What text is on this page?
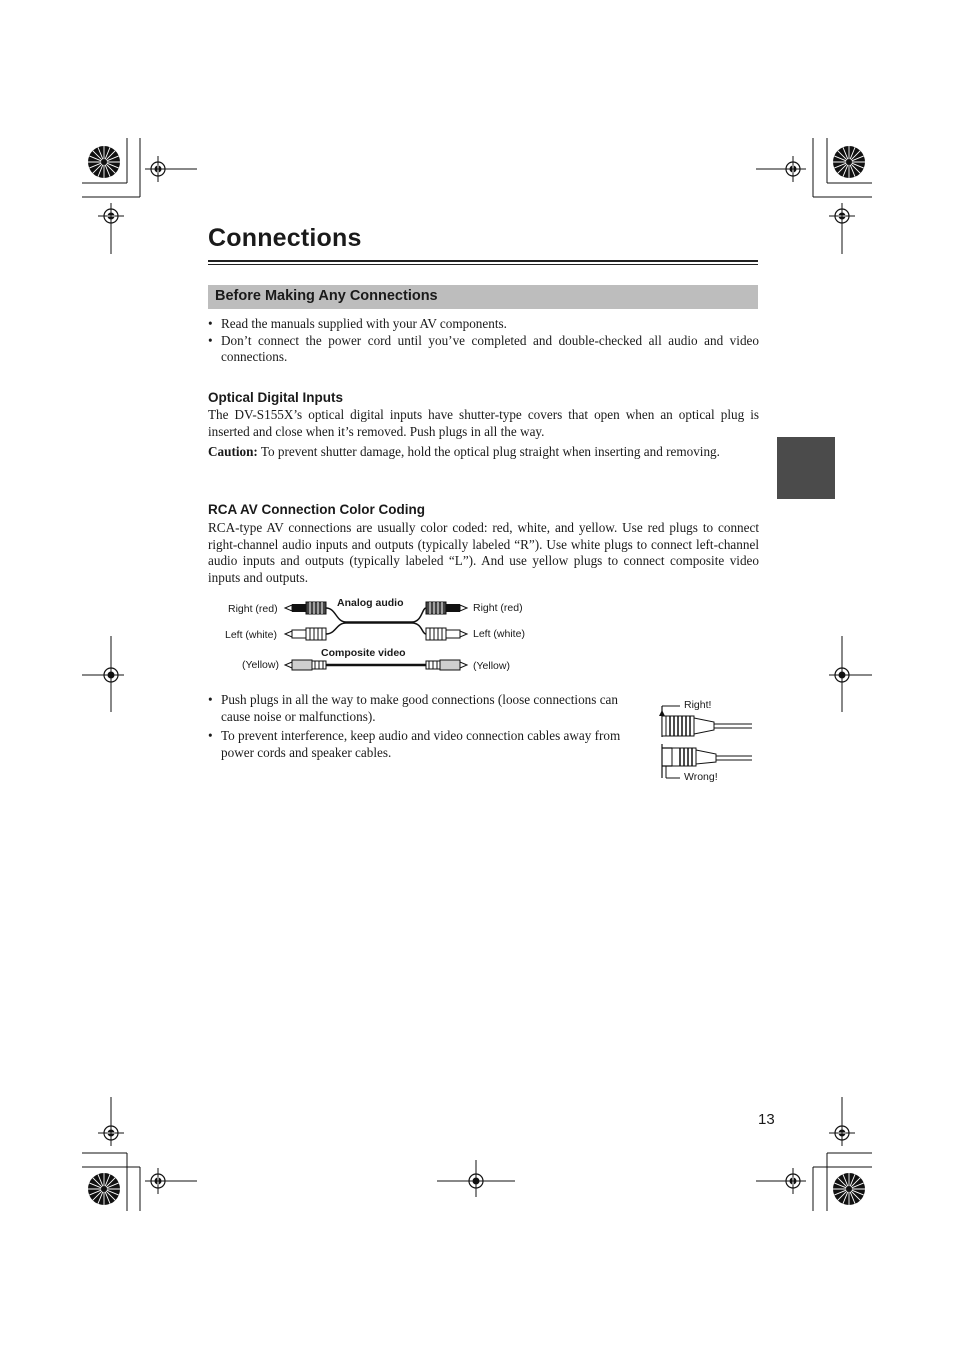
Connections
Before Making Any Connections
• Read the manuals supplied with your AV components.
• Don’t connect the power cord until you’ve completed and double-checked all audio and video connections.
Optical Digital Inputs
The DV-S155X’s optical digital inputs have shutter-type covers that open when an optical plug is inserted and close when it’s removed. Push plugs in all the way.
Caution: To prevent shutter damage, hold the optical plug straight when inserting and removing.
RCA AV Connection Color Coding
RCA-type AV connections are usually color coded: red, white, and yellow. Use red plugs to connect right-channel audio inputs and outputs (typically labeled “R”). Use white plugs to connect left-channel audio inputs and outputs (typically labeled “L”). And use yellow plugs to connect composite video inputs and outputs.
Analog audio
Composite video
Right (red)
Left (white)
(Yellow)
Right (red)
Left (white)
(Yellow)
• Push plugs in all the way to make good connections (loose connections can cause noise or malfunctions).
• To prevent interference, keep audio and video connection cables away from power cords and speaker cables.
Right!
Wrong!
13
